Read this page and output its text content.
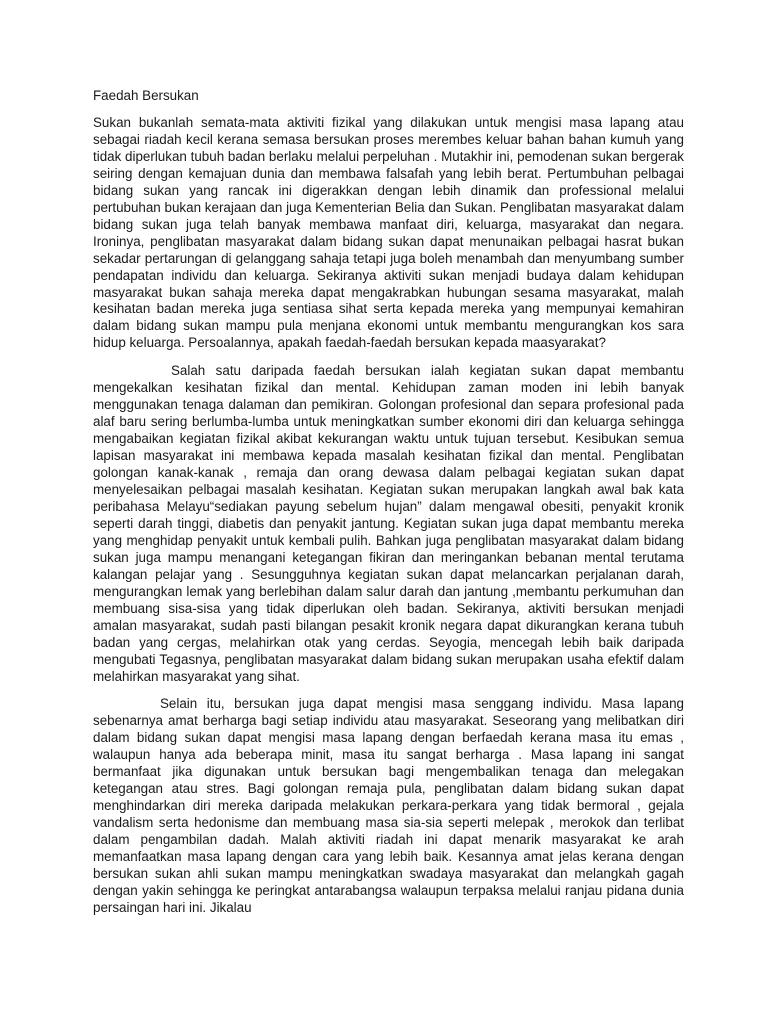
Faedah Bersukan

Sukan bukanlah semata-mata aktiviti fizikal yang dilakukan untuk mengisi masa lapang atau sebagai riadah kecil kerana semasa bersukan proses merembes keluar bahan bahan kumuh yang tidak diperlukan tubuh badan berlaku melalui perpeluhan . Mutakhir ini, pemodenan sukan bergerak seiring dengan kemajuan dunia dan membawa falsafah yang lebih berat. Pertumbuhan pelbagai bidang sukan yang rancak ini digerakkan dengan lebih dinamik dan professional melalui pertubuhan bukan kerajaan dan juga Kementerian Belia dan Sukan. Penglibatan masyarakat dalam bidang sukan juga telah banyak membawa manfaat diri, keluarga, masyarakat dan negara. Ironinya, penglibatan masyarakat dalam bidang sukan dapat menunaikan pelbagai hasrat bukan sekadar pertarungan di gelanggang sahaja tetapi juga boleh menambah dan menyumbang sumber pendapatan individu dan keluarga. Sekiranya aktiviti sukan menjadi budaya dalam kehidupan masyarakat bukan sahaja mereka dapat mengakrabkan hubungan sesama masyarakat, malah kesihatan badan mereka juga sentiasa sihat serta kepada mereka yang mempunyai kemahiran dalam bidang sukan mampu pula menjana ekonomi untuk membantu mengurangkan kos sara hidup keluarga. Persoalannya, apakah faedah-faedah bersukan kepada maasyarakat?

Salah satu daripada faedah bersukan ialah kegiatan sukan dapat membantu mengekalkan kesihatan fizikal dan mental. Kehidupan zaman moden ini lebih banyak menggunakan tenaga dalaman dan pemikiran. Golongan profesional dan separa profesional pada alaf baru sering berlumba-lumba untuk meningkatkan sumber ekonomi diri dan keluarga sehingga mengabaikan kegiatan fizikal akibat kekurangan waktu untuk tujuan tersebut. Kesibukan semua lapisan masyarakat ini membawa kepada masalah kesihatan fizikal dan mental. Penglibatan golongan kanak-kanak , remaja dan orang dewasa dalam pelbagai kegiatan sukan dapat menyelesaikan pelbagai masalah kesihatan. Kegiatan sukan merupakan langkah awal bak kata peribahasa Melayu“sediakan payung sebelum hujan” dalam mengawal obesiti, penyakit kronik seperti darah tinggi, diabetis dan penyakit jantung. Kegiatan sukan juga dapat membantu mereka yang menghidap penyakit untuk kembali pulih. Bahkan juga penglibatan masyarakat dalam bidang sukan juga mampu menangani ketegangan fikiran dan meringankan bebanan mental terutama kalangan pelajar yang . Sesungguhnya kegiatan sukan dapat melancarkan perjalanan darah, mengurangkan lemak yang berlebihan dalam salur darah dan jantung ,membantu perkumuhan dan membuang sisa-sisa yang tidak diperlukan oleh badan. Sekiranya, aktiviti bersukan menjadi amalan masyarakat, sudah pasti bilangan pesakit kronik negara dapat dikurangkan kerana tubuh badan yang cergas, melahirkan otak yang cerdas. Seyogia, mencegah lebih baik daripada mengubati Tegasnya, penglibatan masyarakat dalam bidang sukan merupakan usaha efektif dalam melahirkan masyarakat yang sihat.

Selain itu, bersukan juga dapat mengisi masa senggang individu. Masa lapang sebenarnya amat berharga bagi setiap individu atau masyarakat. Seseorang yang melibatkan diri dalam bidang sukan dapat mengisi masa lapang dengan berfaedah kerana masa itu emas , walaupun hanya ada beberapa minit, masa itu sangat berharga . Masa lapang ini sangat bermanfaat jika digunakan untuk bersukan bagi mengembalikan tenaga dan melegakan ketegangan atau stres. Bagi golongan remaja pula, penglibatan dalam bidang sukan dapat menghindarkan diri mereka daripada melakukan perkara-perkara yang tidak bermoral , gejala vandalism serta hedonisme dan membuang masa sia-sia seperti melepak , merokok dan terlibat dalam pengambilan dadah. Malah aktiviti riadah ini dapat menarik masyarakat ke arah memanfaatkan masa lapang dengan cara yang lebih baik. Kesannya amat jelas kerana dengan bersukan sukan ahli sukan mampu meningkatkan swadaya masyarakat dan melangkah gagah dengan yakin sehingga ke peringkat antarabangsa walaupun terpaksa melalui ranjau pidana dunia persaingan hari ini. Jikalau
